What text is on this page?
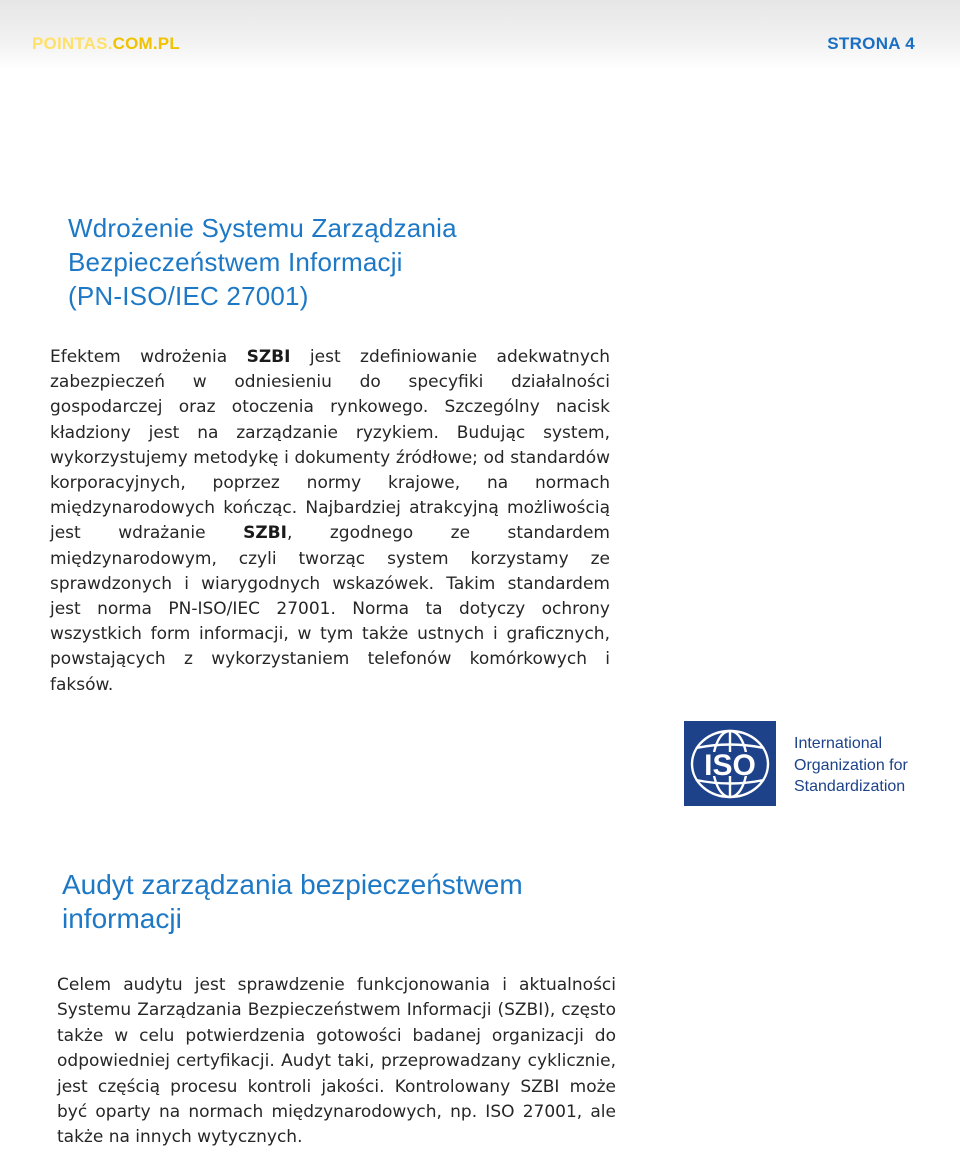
POINTAS.COM.PL	STRONA 4
Wdrożenie Systemu Zarządzania
Bezpieczeństwem Informacji
(PN-ISO/IEC 27001)

Efektem wdrożenia SZBI jest zdefiniowanie adekwatnych zabezpieczeń w odniesieniu do specyfiki działalności gospodarczej oraz otoczenia rynkowego. Szczególny nacisk kładziony jest na zarządzanie ryzykiem. Budując system, wykorzystujemy metodykę i dokumenty źródłowe; od standardów korporacyjnych, poprzez normy krajowe, na normach międzynarodowych kończąc. Najbardziej atrakcyjną możliwością jest wdrażanie SZBI, zgodnego ze standardem międzynarodowym, czyli tworząc system korzystamy ze sprawdzonych i wiarygodnych wskazówek. Takim standardem jest norma PN-ISO/IEC 27001. Norma ta dotyczy ochrony wszystkich form informacji, w tym także ustnych i graficznych, powstających z wykorzystaniem telefonów komórkowych i faksów.

ISO
International
Organization for
Standardization
Audyt zarządzania bezpieczeństwem
informacji

Celem audytu jest sprawdzenie funkcjonowania i aktualności Systemu Zarządzania Bezpieczeństwem Informacji (SZBI), często także w celu potwierdzenia gotowości badanej organizacji do odpowiedniej certyfikacji. Audyt taki, przeprowadzany cyklicznie, jest częścią procesu kontroli jakości. Kontrolowany SZBI może być oparty na normach międzynarodowych, np. ISO 27001, ale także na innych wytycznych.
